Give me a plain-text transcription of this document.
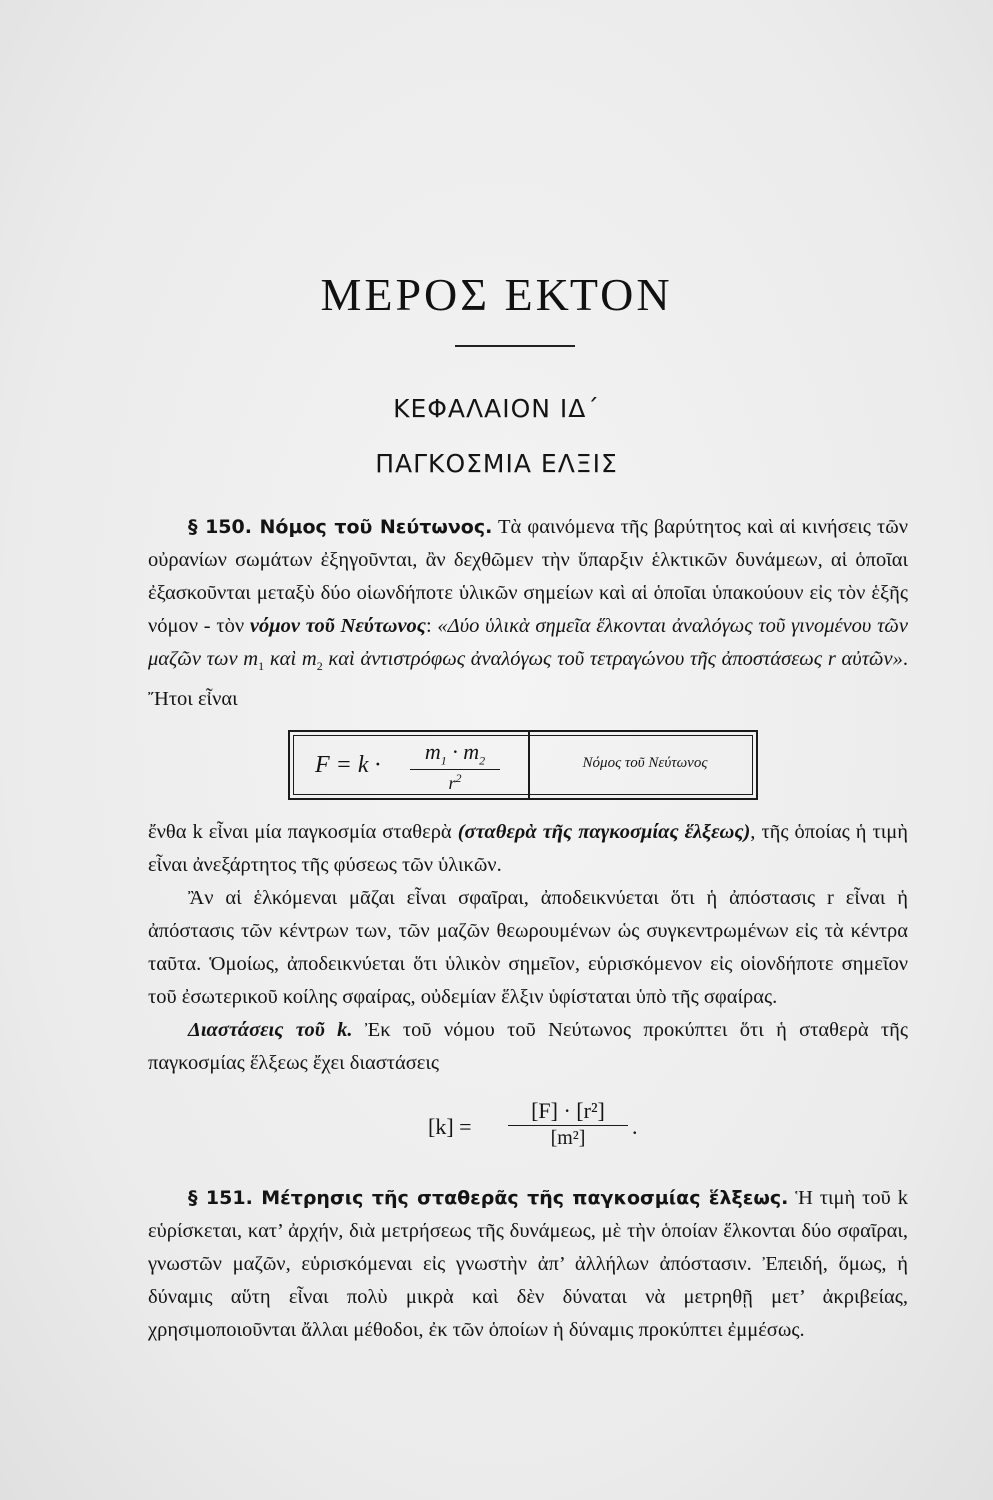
ΜΕΡΟΣ ΕΚΤΟΝ
ΚΕΦΑΛΑΙΟΝ ΙΔ΄
ΠΑΓΚΟΣΜΙΑ ΕΛΞΙΣ

§ 150. Νόμος τοῦ Νεύτωνος. Τὰ φαινόμενα τῆς βαρύτητος καὶ αἱ κινήσεις τῶν οὐρανίων σωμάτων ἐξηγοῦνται, ἂν δεχθῶμεν τὴν ὕπαρξιν ἑλκτικῶν δυνάμεων, αἱ ὁποῖαι ἐξασκοῦνται μεταξὺ δύο οἱωνδήποτε ὑλικῶν σημείων καὶ αἱ ὁποῖαι ὑπακούουν εἰς τὸν ἑξῆς νόμον - τὸν νόμον τοῦ Νεύτωνος: «Δύο ὑλικὰ σημεῖα ἕλκονται ἀναλόγως τοῦ γινομένου τῶν μαζῶν των $m_1$ καὶ $m_2$ καὶ ἀντιστρόφως ἀναλόγως τοῦ τετραγώνου τῆς ἀποστάσεως r αὐτῶν». Ἤτοι εἶναι

F = k ·
$m_1 \cdot m_2$
$r^2$
Νόμος τοῦ Νεύτωνος

ἔνθα k εἶναι μία παγκοσμία σταθερὰ (σταθερὰ τῆς παγκοσμίας ἕλξεως), τῆς ὁποίας ἡ τιμὴ εἶναι ἀνεξάρτητος τῆς φύσεως τῶν ὑλικῶν.

Ἂν αἱ ἑλκόμεναι μᾶζαι εἶναι σφαῖραι, ἀποδεικνύεται ὅτι ἡ ἀπόστασις r εἶναι ἡ ἀπόστασις τῶν κέντρων των, τῶν μαζῶν θεωρουμένων ὡς συγκεντρωμένων εἰς τὰ κέντρα ταῦτα. Ὁμοίως, ἀποδεικνύεται ὅτι ὑλικὸν σημεῖον, εὑρισκόμενον εἰς οἱονδήποτε σημεῖον τοῦ ἐσωτερικοῦ κοίλης σφαίρας, οὐδεμίαν ἕλξιν ὑφίσταται ὑπὸ τῆς σφαίρας.

Διαστάσεις τοῦ k. Ἐκ τοῦ νόμου τοῦ Νεύτωνος προκύπτει ὅτι ἡ σταθερὰ τῆς παγκοσμίας ἕλξεως ἔχει διαστάσεις

[k] =
[F] · [r²]
[m²]	.

§ 151. Μέτρησις τῆς σταθερᾶς τῆς παγκοσμίας ἕλξεως. Ἡ τιμὴ τοῦ k εὑρίσκεται, κατ’ ἀρχήν, διὰ μετρήσεως τῆς δυνάμεως, μὲ τὴν ὁποίαν ἕλκονται δύο σφαῖραι, γνωστῶν μαζῶν, εὑρισκόμεναι εἰς γνωστὴν ἀπ’ ἀλλήλων ἀπόστασιν. Ἐπειδή, ὅμως, ἡ δύναμις αὕτη εἶναι πολὺ μικρὰ καὶ δὲν δύναται νὰ μετρηθῇ μετ’ ἀκριβείας, χρησιμοποιοῦνται ἄλλαι μέθοδοι, ἐκ τῶν ὁποίων ἡ δύναμις προκύπτει ἐμμέσως.
